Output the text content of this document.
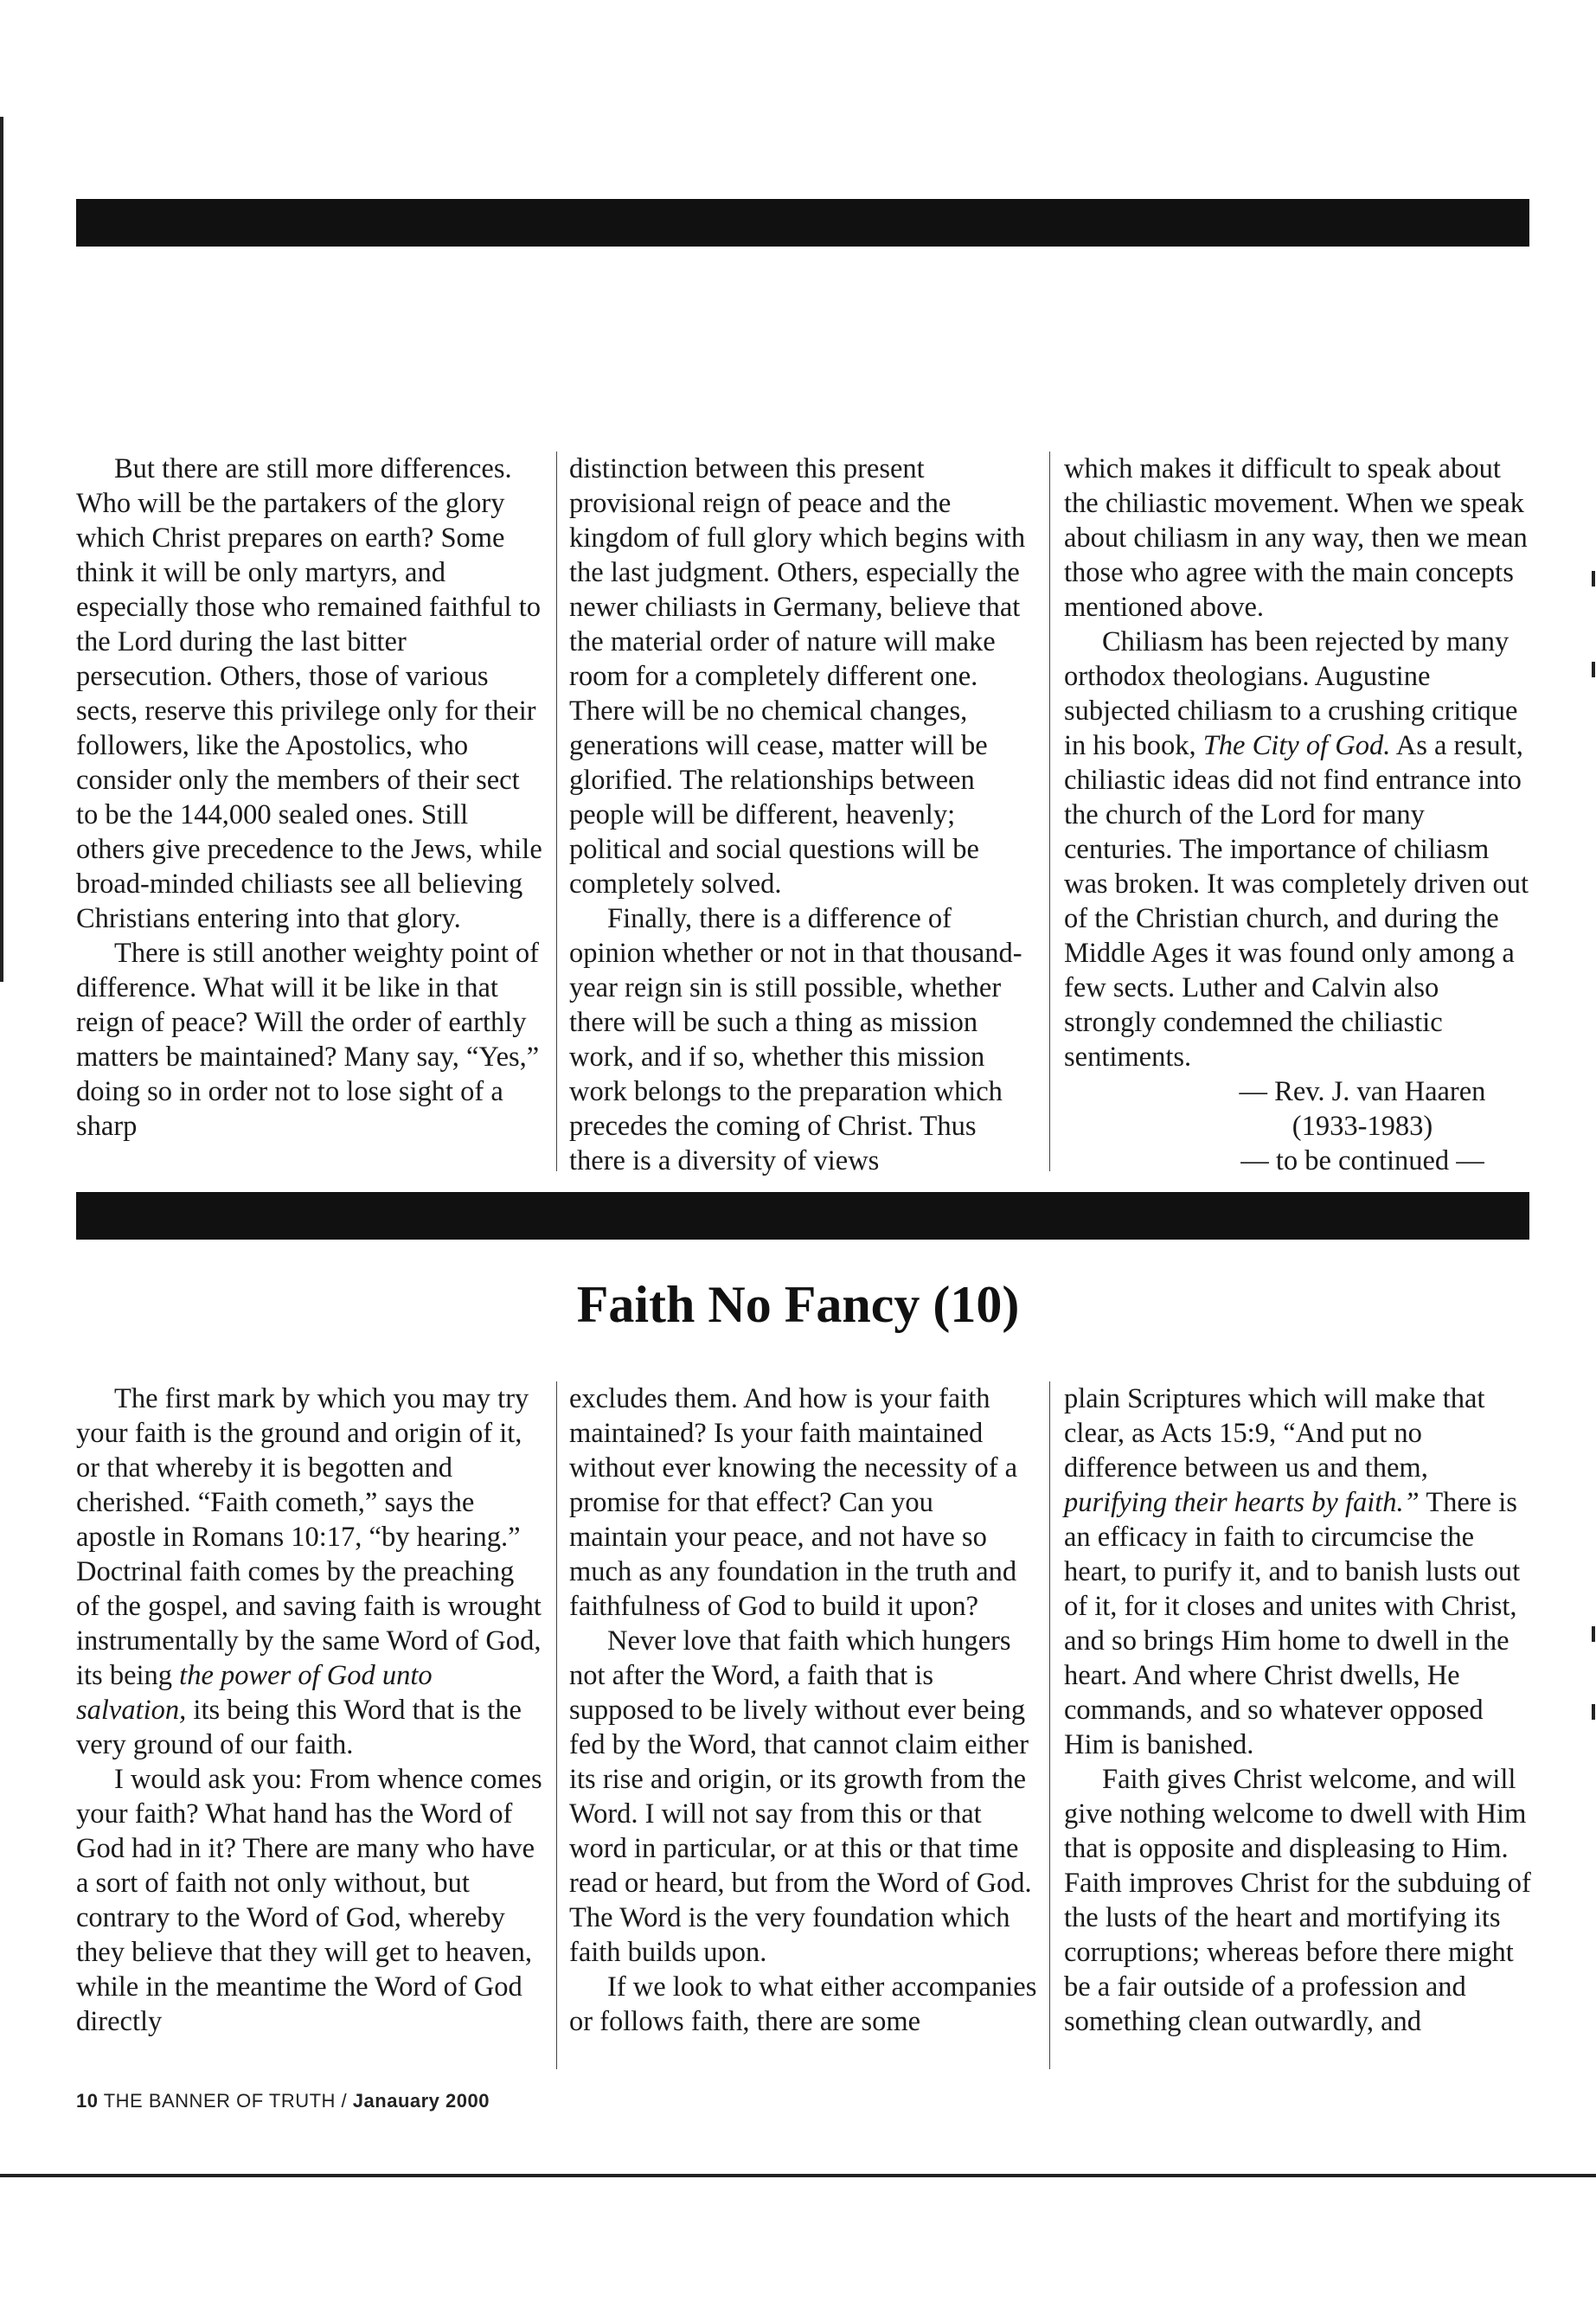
But there are still more differences. Who will be the partakers of the glory which Christ prepares on earth? Some think it will be only martyrs, and especially those who remained faithful to the Lord during the last bitter persecution. Others, those of various sects, reserve this privilege only for their followers, like the Apostolics, who consider only the members of their sect to be the 144,000 sealed ones. Still others give precedence to the Jews, while broad-minded chiliasts see all believing Christians entering into that glory.

There is still another weighty point of difference. What will it be like in that reign of peace? Will the order of earthly matters be maintained? Many say, “Yes,” doing so in order not to lose sight of a sharp

distinction between this present provisional reign of peace and the kingdom of full glory which begins with the last judgment. Others, especially the newer chiliasts in Germany, believe that the material order of nature will make room for a completely different one. There will be no chemical changes, generations will cease, matter will be glorified. The relationships between people will be different, heavenly; political and social questions will be completely solved.

Finally, there is a difference of opinion whether or not in that thousand-year reign sin is still possible, whether there will be such a thing as mission work, and if so, whether this mission work belongs to the preparation which precedes the coming of Christ. Thus there is a diversity of views

which makes it difficult to speak about the chiliastic movement. When we speak about chiliasm in any way, then we mean those who agree with the main concepts mentioned above.

Chiliasm has been rejected by many orthodox theologians. Augustine subjected chiliasm to a crushing critique in his book, The City of God. As a result, chiliastic ideas did not find entrance into the church of the Lord for many centuries. The importance of chiliasm was broken. It was completely driven out of the Christian church, and during the Middle Ages it was found only among a few sects. Luther and Calvin also strongly condemned the chiliastic sentiments.

— Rev. J. van Haaren

(1933-1983)

— to be continued —

Faith No Fancy (10)

The first mark by which you may try your faith is the ground and origin of it, or that whereby it is begotten and cherished. “Faith cometh,” says the apostle in Romans 10:17, “by hearing.” Doctrinal faith comes by the preaching of the gospel, and saving faith is wrought instrumentally by the same Word of God, its being the power of God unto salvation, its being this Word that is the very ground of our faith.

I would ask you: From whence comes your faith? What hand has the Word of God had in it? There are many who have a sort of faith not only without, but contrary to the Word of God, whereby they believe that they will get to heaven, while in the meantime the Word of God directly

excludes them. And how is your faith maintained? Is your faith maintained without ever knowing the necessity of a promise for that effect? Can you maintain your peace, and not have so much as any foundation in the truth and faithfulness of God to build it upon?

Never love that faith which hungers not after the Word, a faith that is supposed to be lively without ever being fed by the Word, that cannot claim either its rise and origin, or its growth from the Word. I will not say from this or that word in particular, or at this or that time read or heard, but from the Word of God. The Word is the very foundation which faith builds upon.

If we look to what either accompanies or follows faith, there are some

plain Scriptures which will make that clear, as Acts 15:9, “And put no difference between us and them, purifying their hearts by faith.” There is an efficacy in faith to circumcise the heart, to purify it, and to banish lusts out of it, for it closes and unites with Christ, and so brings Him home to dwell in the heart. And where Christ dwells, He commands, and so whatever opposed Him is banished.

Faith gives Christ welcome, and will give nothing welcome to dwell with Him that is opposite and displeasing to Him. Faith improves Christ for the subduing of the lusts of the heart and mortifying its corruptions; whereas before there might be a fair outside of a profession and something clean outwardly, and

10 THE BANNER OF TRUTH / Janauary 2000
